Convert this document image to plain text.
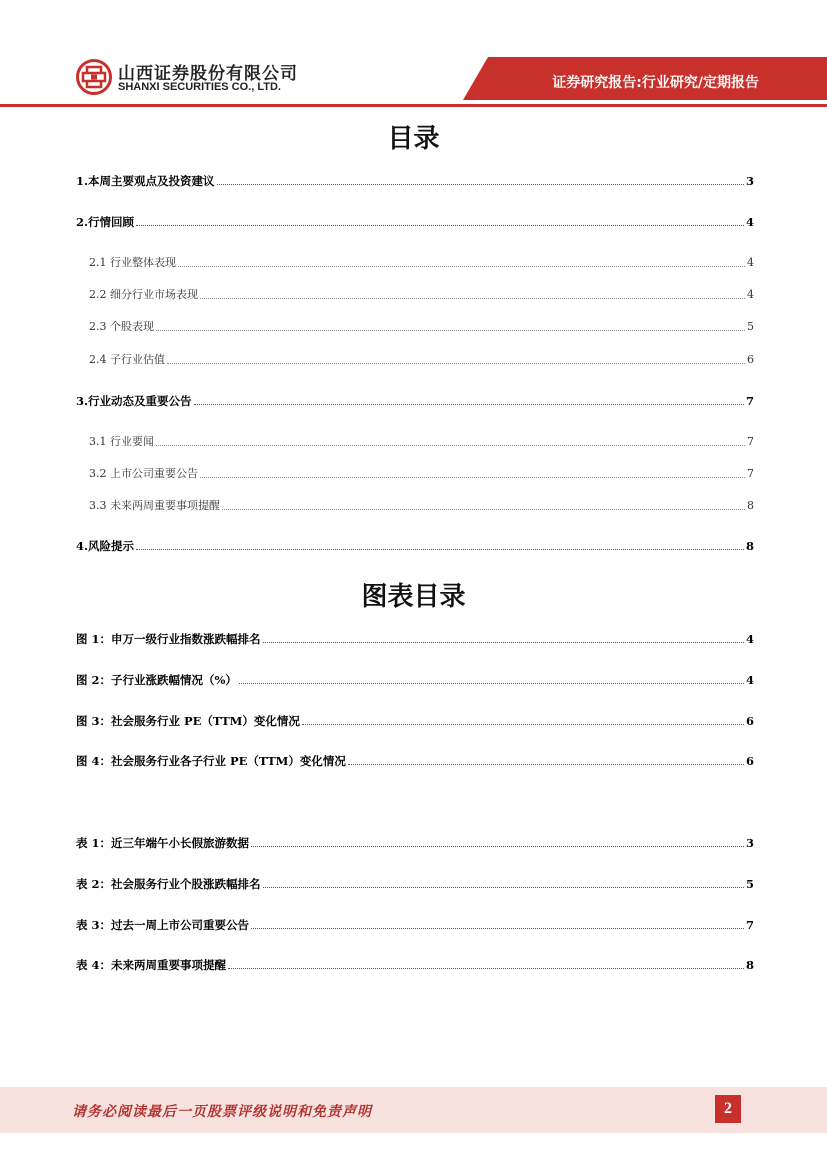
山西证券股份有限公司
SHANXI SECURITIES CO., LTD.	证券研究报告:行业研究/定期报告
目录
1.本周主要观点及投资建议	3
2.行情回顾	4
2.1 行业整体表现	4
2.2 细分行业市场表现	4
2.3 个股表现	5
2.4 子行业估值	6
3.行业动态及重要公告	7
3.1 行业要闻	7
3.2 上市公司重要公告	7
3.3 未来两周重要事项提醒	8
4.风险提示	8
图表目录
图 1：申万一级行业指数涨跌幅排名	4
图 2：子行业涨跌幅情况（%）	4
图 3：社会服务行业 PE（TTM）变化情况	6
图 4：社会服务行业各子行业 PE（TTM）变化情况	6
表 1：近三年端午小长假旅游数据	3
表 2：社会服务行业个股涨跌幅排名	5
表 3：过去一周上市公司重要公告	7
表 4：未来两周重要事项提醒	8
请务必阅读最后一页股票评级说明和免责声明	2
